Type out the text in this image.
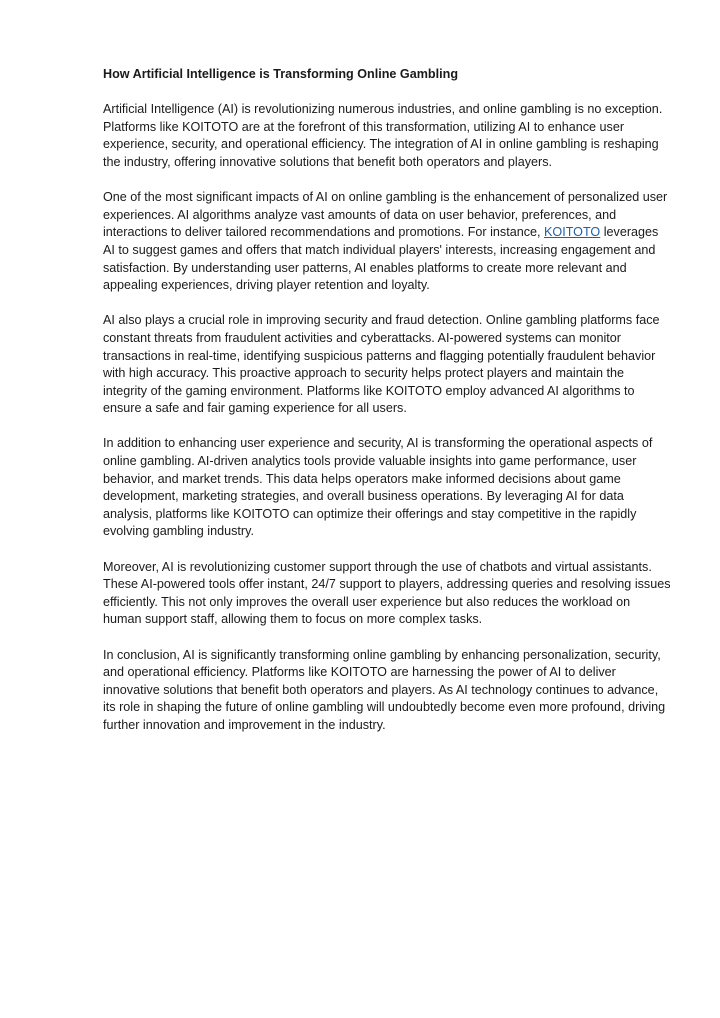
How Artificial Intelligence is Transforming Online Gambling

Artificial Intelligence (AI) is revolutionizing numerous industries, and online gambling is no exception. Platforms like KOITOTO are at the forefront of this transformation, utilizing AI to enhance user experience, security, and operational efficiency. The integration of AI in online gambling is reshaping the industry, offering innovative solutions that benefit both operators and players.

One of the most significant impacts of AI on online gambling is the enhancement of personalized user experiences. AI algorithms analyze vast amounts of data on user behavior, preferences, and interactions to deliver tailored recommendations and promotions. For instance, KOITOTO leverages AI to suggest games and offers that match individual players' interests, increasing engagement and satisfaction. By understanding user patterns, AI enables platforms to create more relevant and appealing experiences, driving player retention and loyalty.

AI also plays a crucial role in improving security and fraud detection. Online gambling platforms face constant threats from fraudulent activities and cyberattacks. AI-powered systems can monitor transactions in real-time, identifying suspicious patterns and flagging potentially fraudulent behavior with high accuracy. This proactive approach to security helps protect players and maintain the integrity of the gaming environment. Platforms like KOITOTO employ advanced AI algorithms to ensure a safe and fair gaming experience for all users.

In addition to enhancing user experience and security, AI is transforming the operational aspects of online gambling. AI-driven analytics tools provide valuable insights into game performance, user behavior, and market trends. This data helps operators make informed decisions about game development, marketing strategies, and overall business operations. By leveraging AI for data analysis, platforms like KOITOTO can optimize their offerings and stay competitive in the rapidly evolving gambling industry.

Moreover, AI is revolutionizing customer support through the use of chatbots and virtual assistants. These AI-powered tools offer instant, 24/7 support to players, addressing queries and resolving issues efficiently. This not only improves the overall user experience but also reduces the workload on human support staff, allowing them to focus on more complex tasks.

In conclusion, AI is significantly transforming online gambling by enhancing personalization, security, and operational efficiency. Platforms like KOITOTO are harnessing the power of AI to deliver innovative solutions that benefit both operators and players. As AI technology continues to advance, its role in shaping the future of online gambling will undoubtedly become even more profound, driving further innovation and improvement in the industry.
